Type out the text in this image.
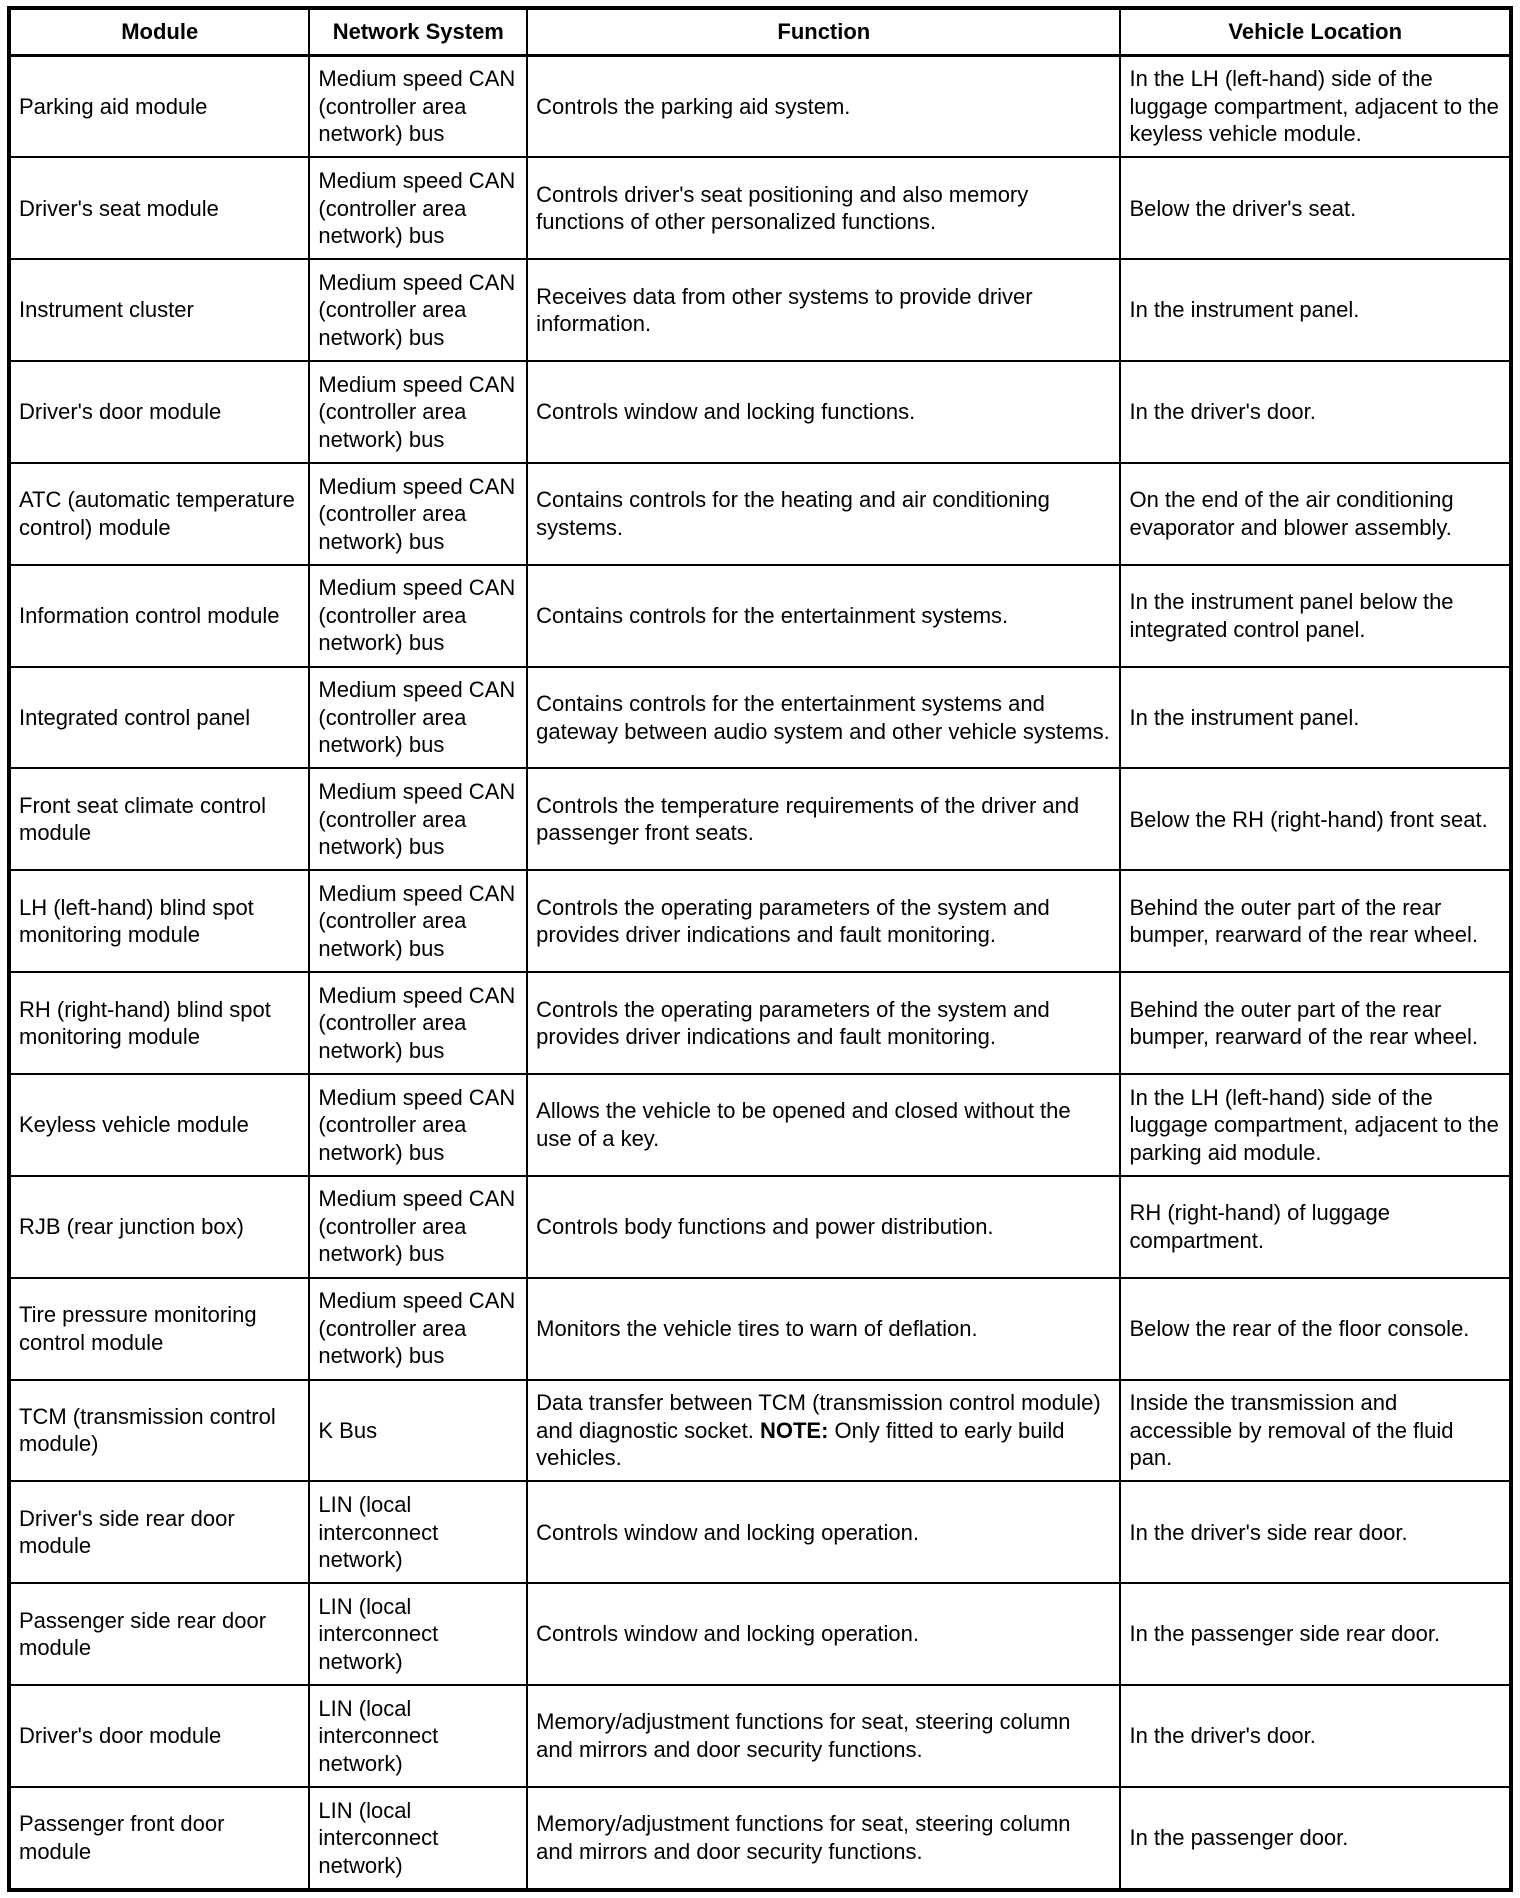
Module	Network System	Function	Vehicle Location
Parking aid module	Medium speed CAN (controller area network) bus	Controls the parking aid system.	In the LH (left-hand) side of the luggage compartment, adjacent to the keyless vehicle module.
Driver's seat module	Medium speed CAN (controller area network) bus	Controls driver's seat positioning and also memory functions of other personalized functions.	Below the driver's seat.
Instrument cluster	Medium speed CAN (controller area network) bus	Receives data from other systems to provide driver information.	In the instrument panel.
Driver's door module	Medium speed CAN (controller area network) bus	Controls window and locking functions.	In the driver's door.
ATC (automatic temperature control) module	Medium speed CAN (controller area network) bus	Contains controls for the heating and air conditioning systems.	On the end of the air conditioning evaporator and blower assembly.
Information control module	Medium speed CAN (controller area network) bus	Contains controls for the entertainment systems.	In the instrument panel below the integrated control panel.
Integrated control panel	Medium speed CAN (controller area network) bus	Contains controls for the entertainment systems and gateway between audio system and other vehicle systems.	In the instrument panel.
Front seat climate control module	Medium speed CAN (controller area network) bus	Controls the temperature requirements of the driver and passenger front seats.	Below the RH (right-hand) front seat.
LH (left-hand) blind spot monitoring module	Medium speed CAN (controller area network) bus	Controls the operating parameters of the system and provides driver indications and fault monitoring.	Behind the outer part of the rear bumper, rearward of the rear wheel.
RH (right-hand) blind spot monitoring module	Medium speed CAN (controller area network) bus	Controls the operating parameters of the system and provides driver indications and fault monitoring.	Behind the outer part of the rear bumper, rearward of the rear wheel.
Keyless vehicle module	Medium speed CAN (controller area network) bus	Allows the vehicle to be opened and closed without the use of a key.	In the LH (left-hand) side of the luggage compartment, adjacent to the parking aid module.
RJB (rear junction box)	Medium speed CAN (controller area network) bus	Controls body functions and power distribution.	RH (right-hand) of luggage compartment.
Tire pressure monitoring control module	Medium speed CAN (controller area network) bus	Monitors the vehicle tires to warn of deflation.	Below the rear of the floor console.
TCM (transmission control module)	K Bus	Data transfer between TCM (transmission control module) and diagnostic socket. NOTE: Only fitted to early build vehicles.	Inside the transmission and accessible by removal of the fluid pan.
Driver's side rear door module	LIN (local interconnect network)	Controls window and locking operation.	In the driver's side rear door.
Passenger side rear door module	LIN (local interconnect network)	Controls window and locking operation.	In the passenger side rear door.
Driver's door module	LIN (local interconnect network)	Memory/adjustment functions for seat, steering column and mirrors and door security functions.	In the driver's door.
Passenger front door module	LIN (local interconnect network)	Memory/adjustment functions for seat, steering column and mirrors and door security functions.	In the passenger door.
